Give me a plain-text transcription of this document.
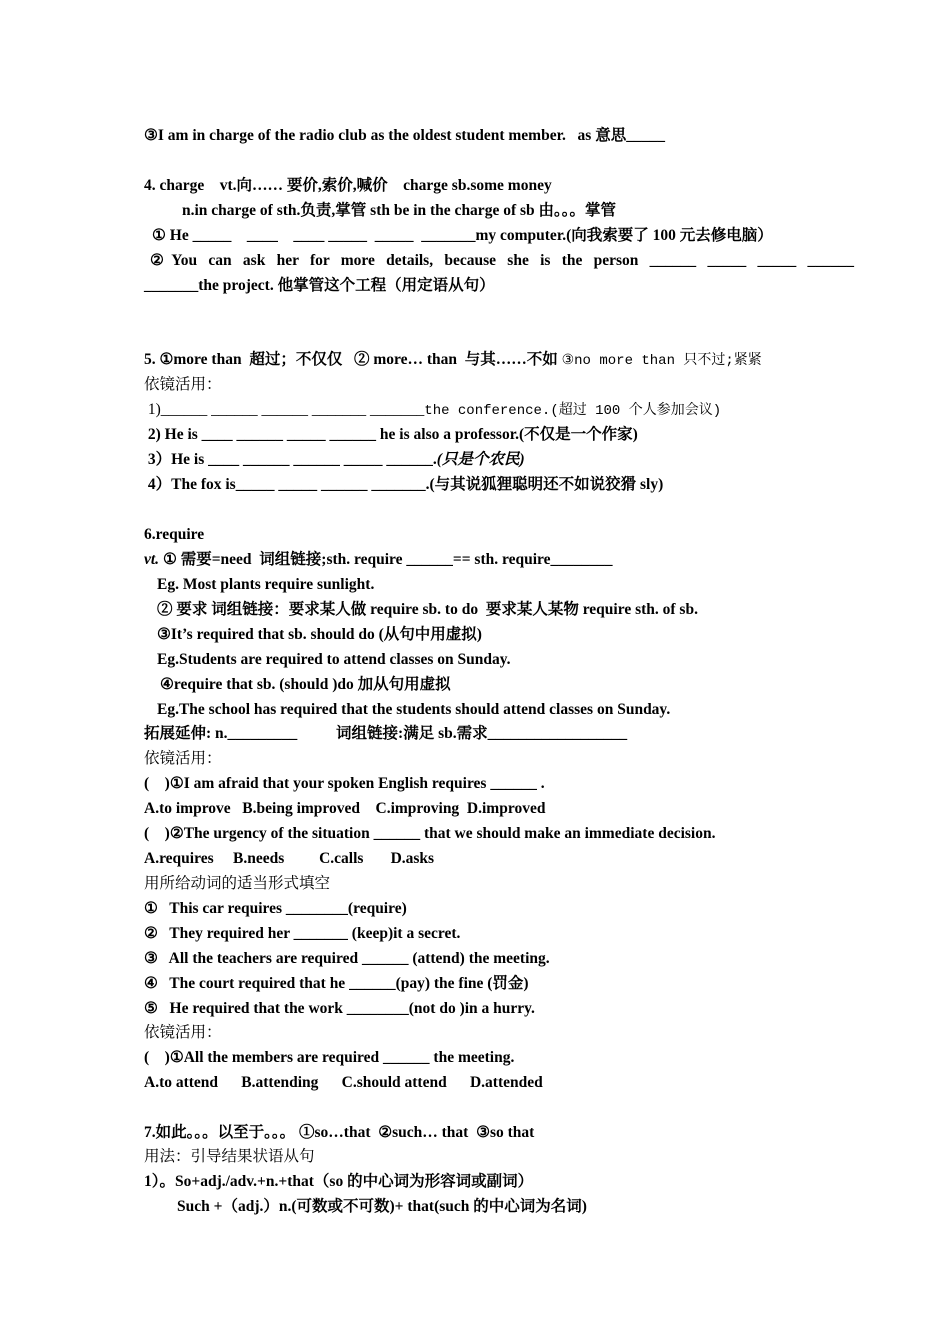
③I am in charge of the radio club as the oldest student member.   as 意思_____
4. charge    vt.向…… 要价,索价,喊价    charge sb.some money
n.in charge of sth.负责,掌管 sth be in the charge of sb 由。。。掌管
① He _____    ____    ____ _____  _____  _______my computer.(向我索要了 100 元去修电脑）
②You can ask her for more details, because she is the person ______ _____ _____ ______
_______the project. 他掌管这个工程（用定语从句）
5. ①more than  超过；不仅仅   ② more… than  与其……不如 ③no more than 只不过;紧紧
依镜活用：
1)______ ______ ______ _______ _______the conference.(超过 100 个人参加会议)
2) He is ____ ______ _____ ______ he is also a professor.(不仅是一个作家)
3）He is ____ ______ ______ _____ ______.(只是个农民)
4）The fox is_____ _____ ______ _______.(与其说狐狸聪明还不如说狡猾 sly)
6.require
vt. ① 需要=need  词组链接;sth. require ______== sth. require________
Eg. Most plants require sunlight.
② 要求 词组链接：要求某人做 require sb. to do  要求某人某物 require sth. of sb.
③It’s required that sb. should do (从句中用虚拟)
Eg.Students are required to attend classes on Sunday.
④require that sb. (should )do 加从句用虚拟
Eg.The school has required that the students should attend classes on Sunday.
拓展延伸: n._________          词组链接:满足 sb.需求__________________
依镜活用：
(    )①I am afraid that your spoken English requires ______ .
A.to improve   B.being improved    C.improving  D.improved
(    )②The urgency of the situation ______ that we should make an immediate decision.
A.requires     B.needs         C.calls       D.asks
用所给动词的适当形式填空
①   This car requires ________(require)
②   They required her _______ (keep)it a secret.
③   All the teachers are required ______ (attend) the meeting.
④   The court required that he ______(pay) the fine (罚金)
⑤   He required that the work ________(not do )in a hurry.
依镜活用：
(    )①All the members are required ______ the meeting.
A.to attend      B.attending      C.should attend      D.attended
7.如此。。。以至于。。。 ①so…that  ②such… that  ③so that
用法：引导结果状语从句
1）。So+adj./adv.+n.+that（so 的中心词为形容词或副词）
Such +（adj.）n.(可数或不可数)+ that(such 的中心词为名词)
